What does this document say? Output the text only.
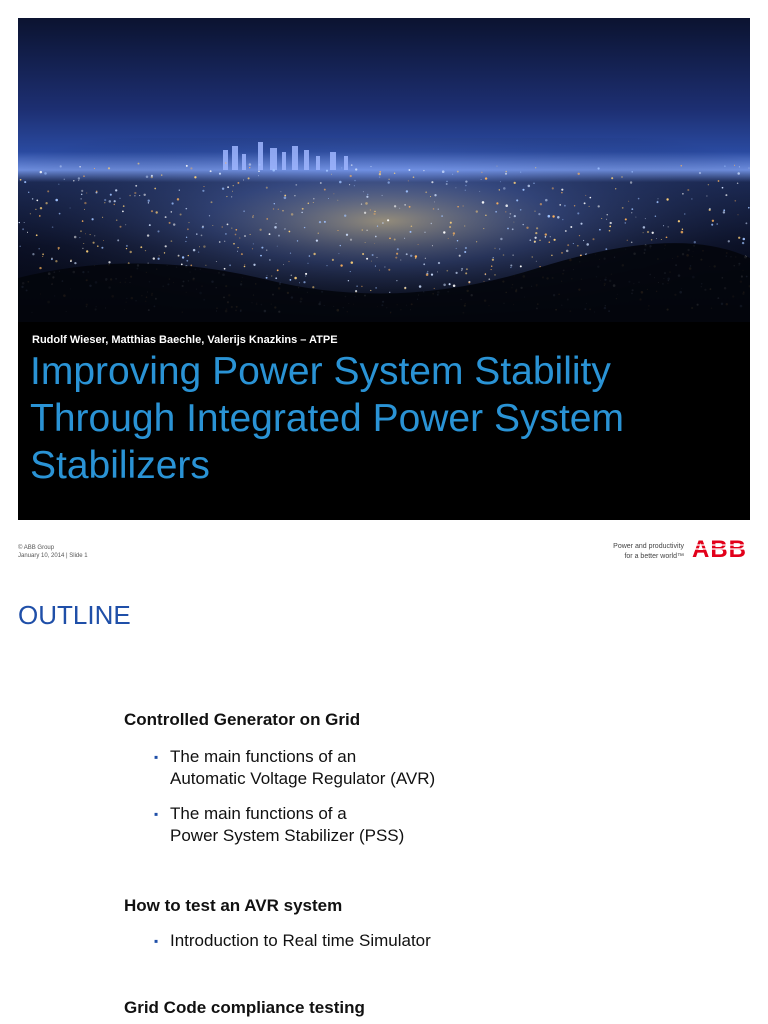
Rudolf Wieser, Matthias Baechle, Valerijs Knazkins – ATPE
Improving Power System Stability
Through Integrated Power System
Stabilizers
© ABB Group
January 10, 2014 | Slide 1
Power and productivity
for a better world™ ABB
OUTLINE
Controlled Generator on Grid
▪ The main functions of an
Automatic Voltage Regulator (AVR)
▪ The main functions of a
Power System Stabilizer (PSS)
How to test an AVR system
▪ Introduction to Real time Simulator
Grid Code compliance testing
